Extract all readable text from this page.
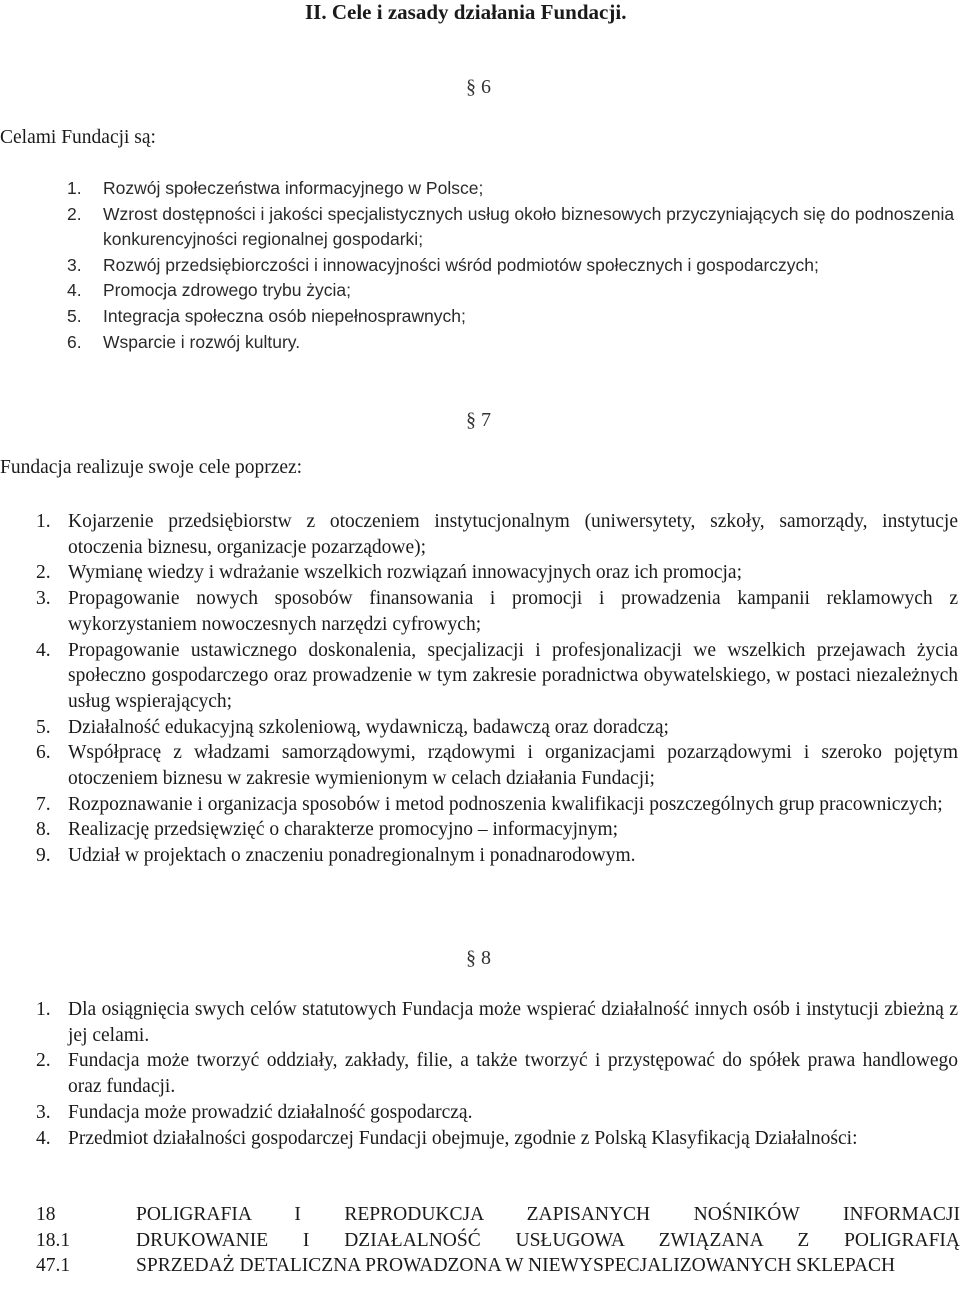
II. Cele i zasady działania Fundacji.
§ 6
Celami Fundacji są:
1. Rozwój społeczeństwa informacyjnego w Polsce;
2. Wzrost dostępności i jakości specjalistycznych usług około biznesowych przyczyniających się do podnoszenia konkurencyjności regionalnej gospodarki;
3. Rozwój przedsiębiorczości i innowacyjności wśród podmiotów społecznych i gospodarczych;
4. Promocja zdrowego trybu życia;
5. Integracja społeczna osób niepełnosprawnych;
6. Wsparcie i rozwój kultury.
§ 7
Fundacja realizuje swoje cele poprzez:
1. Kojarzenie przedsiębiorstw z otoczeniem instytucjonalnym (uniwersytety, szkoły, samorządy, instytucje otoczenia biznesu, organizacje pozarządowe);
2. Wymianę wiedzy i wdrażanie wszelkich rozwiązań innowacyjnych oraz ich promocja;
3. Propagowanie nowych sposobów finansowania i promocji i prowadzenia kampanii reklamowych z wykorzystaniem nowoczesnych narzędzi cyfrowych;
4. Propagowanie ustawicznego doskonalenia, specjalizacji i profesjonalizacji we wszelkich przejawach życia społeczno gospodarczego oraz prowadzenie w tym zakresie poradnictwa obywatelskiego, w postaci niezależnych usług wspierających;
5. Działalność edukacyjną szkoleniową, wydawniczą, badawczą oraz doradczą;
6. Współpracę z władzami samorządowymi, rządowymi i organizacjami pozarządowymi i szeroko pojętym otoczeniem biznesu w zakresie wymienionym w celach działania Fundacji;
7. Rozpoznawanie i organizacja sposobów i metod podnoszenia kwalifikacji poszczególnych grup pracowniczych;
8. Realizację przedsięwzięć o charakterze promocyjno – informacyjnym;
9. Udział w projektach o znaczeniu ponadregionalnym i ponadnarodowym.
§ 8
1. Dla osiągnięcia swych celów statutowych Fundacja może wspierać działalność innych osób i instytucji zbieżną z jej celami.
2. Fundacja może tworzyć oddziały, zakłady, filie, a także tworzyć i przystępować do spółek prawa handlowego oraz fundacji.
3. Fundacja może prowadzić działalność gospodarczą.
4. Przedmiot działalności gospodarczej Fundacji obejmuje, zgodnie z Polską Klasyfikacją Działalności:
18	POLIGRAFIA I REPRODUKCJA ZAPISANYCH NOŚNIKÓW INFORMACJI
18.1	DRUKOWANIE I DZIAŁALNOŚĆ USŁUGOWA ZWIĄZANA Z POLIGRAFIĄ
47.1	SPRZEDAŻ DETALICZNA PROWADZONA W NIEWYSPECJALIZOWANYCH SKLEPACH
